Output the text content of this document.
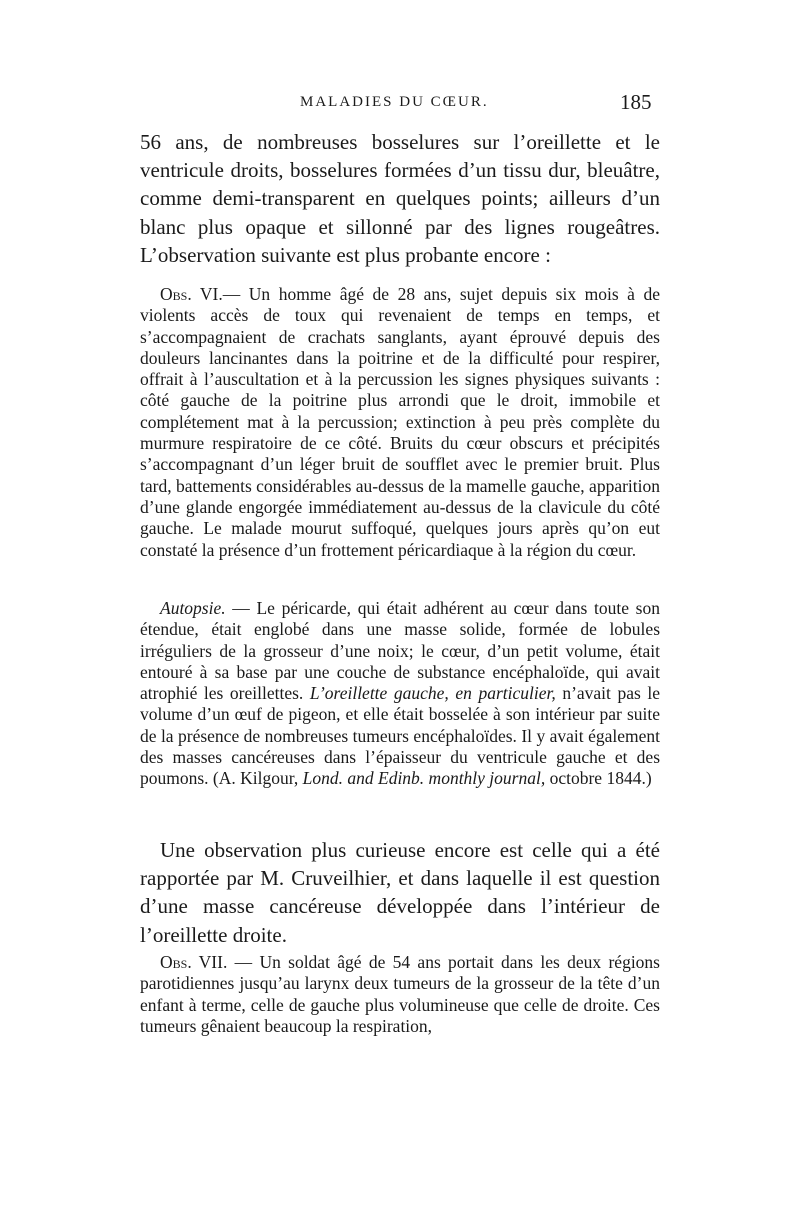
MALADIES DU CŒUR.	185

56 ans, de nombreuses bosselures sur l’oreillette et le ventricule droits, bosselures formées d’un tissu dur, bleuâtre, comme demi-transparent en quelques points; ailleurs d’un blanc plus opaque et sillonné par des lignes rougeâtres. L’observation suivante est plus probante encore :

Obs. VI.— Un homme âgé de 28 ans, sujet depuis six mois à de violents accès de toux qui revenaient de temps en temps, et s’accompagnaient de crachats sanglants, ayant éprouvé depuis des douleurs lancinantes dans la poitrine et de la difficulté pour respirer, offrait à l’auscultation et à la percussion les signes physiques suivants : côté gauche de la poitrine plus arrondi que le droit, immobile et complétement mat à la percussion; extinction à peu près complète du murmure respiratoire de ce côté. Bruits du cœur obscurs et précipités s’accompagnant d’un léger bruit de soufflet avec le premier bruit. Plus tard, battements considérables au-dessus de la mamelle gauche, apparition d’une glande engorgée immédiatement au-dessus de la clavicule du côté gauche. Le malade mourut suffoqué, quelques jours après qu’on eut constaté la présence d’un frottement péricardiaque à la région du cœur.

Autopsie. — Le péricarde, qui était adhérent au cœur dans toute son étendue, était englobé dans une masse solide, formée de lobules irréguliers de la grosseur d’une noix; le cœur, d’un petit volume, était entouré à sa base par une couche de substance encéphaloïde, qui avait atrophié les oreillettes. L’oreillette gauche, en particulier, n’avait pas le volume d’un œuf de pigeon, et elle était bosselée à son intérieur par suite de la présence de nombreuses tumeurs encéphaloïdes. Il y avait également des masses cancéreuses dans l’épaisseur du ventricule gauche et des poumons. (A. Kilgour, Lond. and Edinb. monthly journal, octobre 1844.)

Une observation plus curieuse encore est celle qui a été rapportée par M. Cruveilhier, et dans laquelle il est question d’une masse cancéreuse développée dans l’intérieur de l’oreillette droite.

Obs. VII. — Un soldat âgé de 54 ans portait dans les deux régions parotidiennes jusqu’au larynx deux tumeurs de la grosseur de la tête d’un enfant à terme, celle de gauche plus volumineuse que celle de droite. Ces tumeurs gênaient beaucoup la respiration,
